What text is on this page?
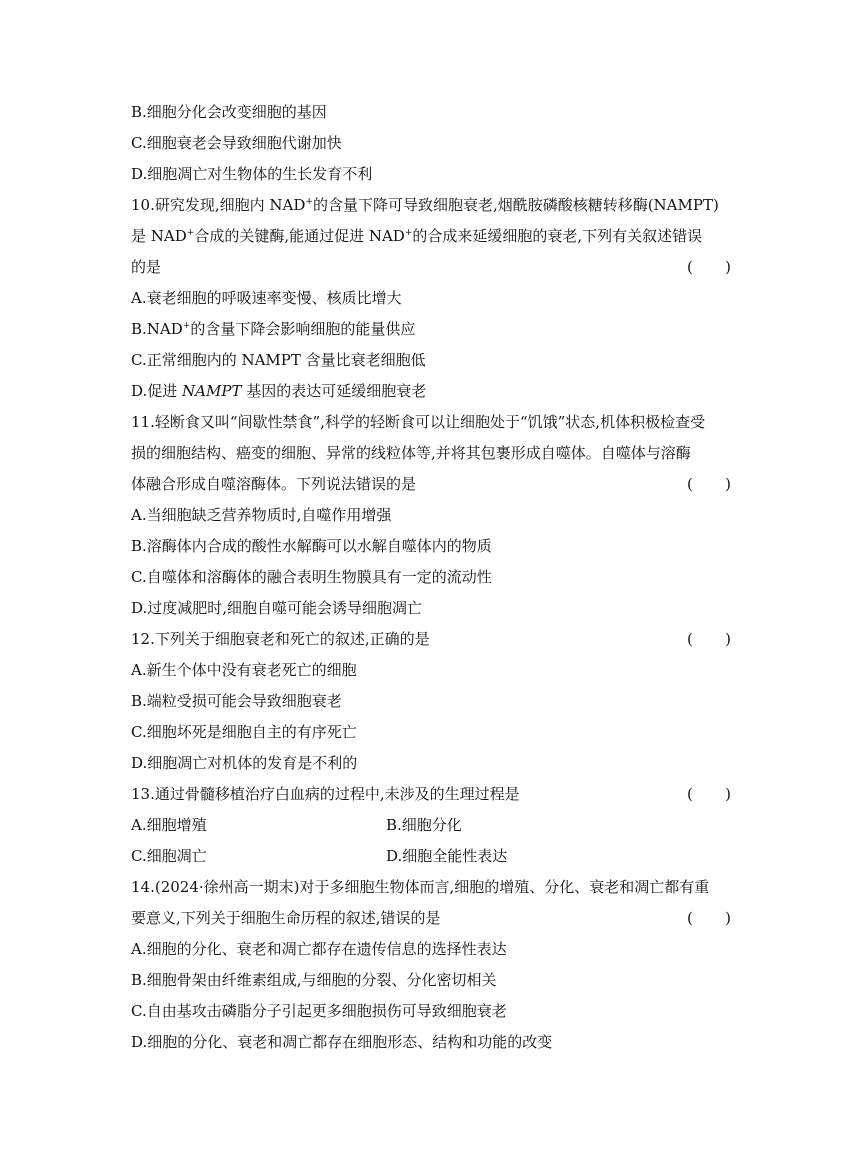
B.细胞分化会改变细胞的基因
C.细胞衰老会导致细胞代谢加快
D.细胞凋亡对生物体的生长发育不利
10.研究发现,细胞内 NAD+的含量下降可导致细胞衰老,烟酰胺磷酸核糖转移酶(NAMPT)
是 NAD+合成的关键酶,能通过促进 NAD+的合成来延缓细胞的衰老,下列有关叙述错误
的是	( )
A.衰老细胞的呼吸速率变慢、核质比增大
B.NAD+的含量下降会影响细胞的能量供应
C.正常细胞内的 NAMPT 含量比衰老细胞低
D.促进 NAMPT 基因的表达可延缓细胞衰老
11.轻断食又叫“间歇性禁食”,科学的轻断食可以让细胞处于“饥饿”状态,机体积极检查受
损的细胞结构、癌变的细胞、异常的线粒体等,并将其包裹形成自噬体。自噬体与溶酶
体融合形成自噬溶酶体。下列说法错误的是	( )
A.当细胞缺乏营养物质时,自噬作用增强
B.溶酶体内合成的酸性水解酶可以水解自噬体内的物质
C.自噬体和溶酶体的融合表明生物膜具有一定的流动性
D.过度减肥时,细胞自噬可能会诱导细胞凋亡
12.下列关于细胞衰老和死亡的叙述,正确的是	( )
A.新生个体中没有衰老死亡的细胞
B.端粒受损可能会导致细胞衰老
C.细胞坏死是细胞自主的有序死亡
D.细胞凋亡对机体的发育是不利的
13.通过骨髓移植治疗白血病的过程中,未涉及的生理过程是	( )
A.细胞增殖	B.细胞分化
C.细胞凋亡	D.细胞全能性表达
14.(2024·徐州高一期末)对于多细胞生物体而言,细胞的增殖、分化、衰老和凋亡都有重
要意义,下列关于细胞生命历程的叙述,错误的是	( )
A.细胞的分化、衰老和凋亡都存在遗传信息的选择性表达
B.细胞骨架由纤维素组成,与细胞的分裂、分化密切相关
C.自由基攻击磷脂分子引起更多细胞损伤可导致细胞衰老
D.细胞的分化、衰老和凋亡都存在细胞形态、结构和功能的改变
